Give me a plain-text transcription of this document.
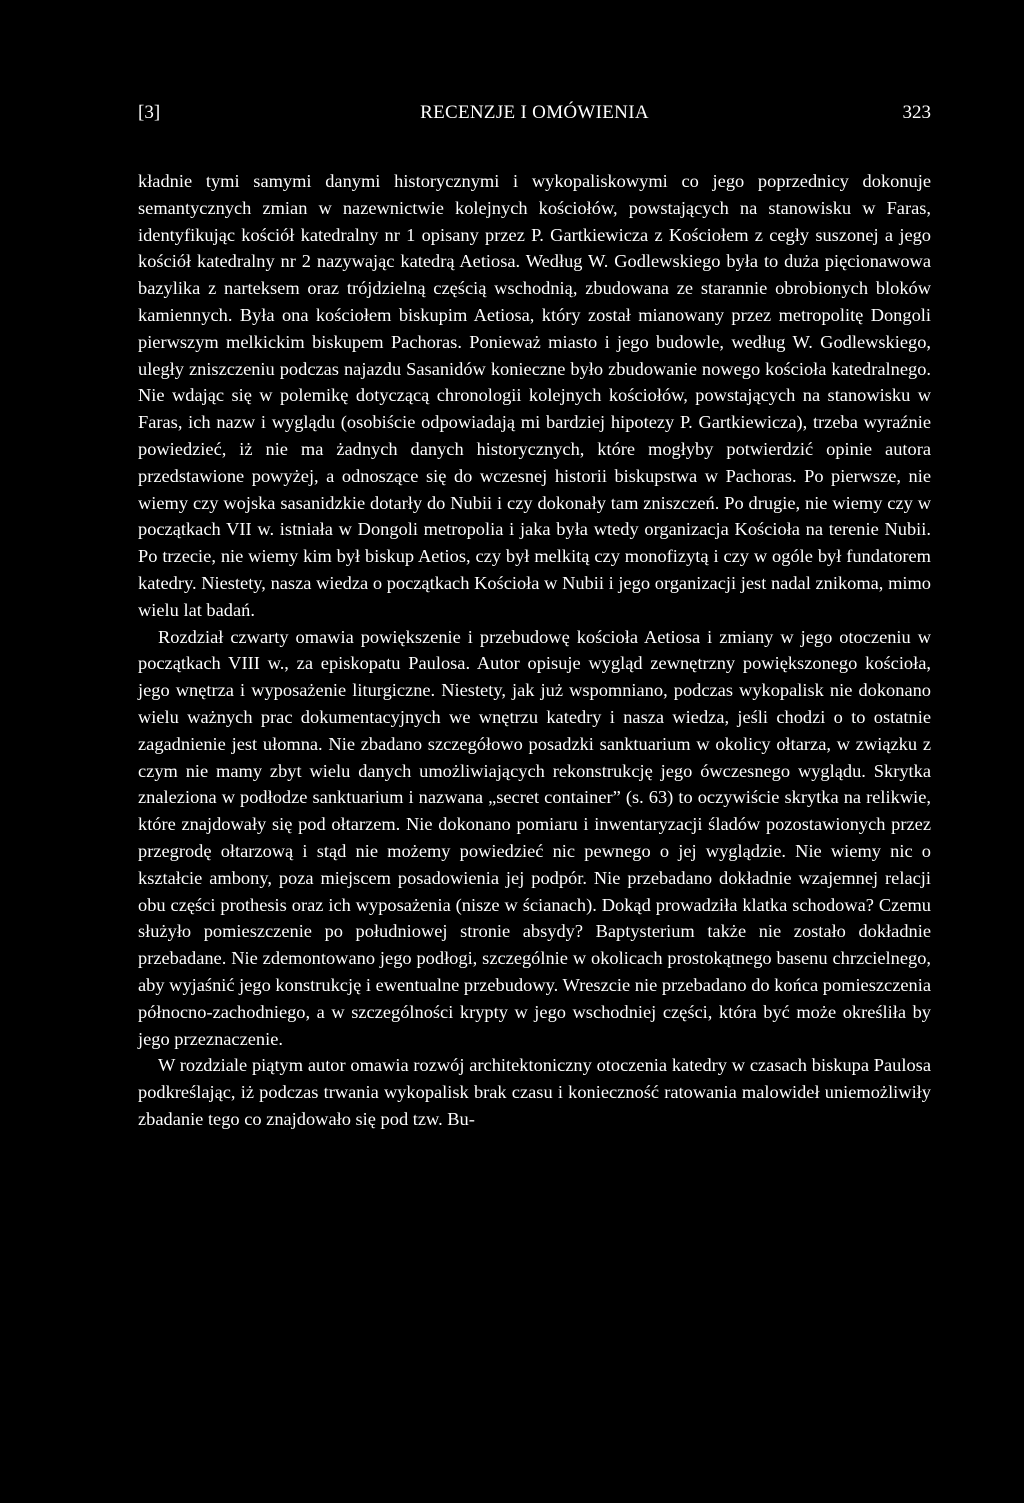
[3]	RECENZJE I OMÓWIENIA	323

kładnie tymi samymi danymi historycznymi i wykopaliskowymi co jego poprzednicy dokonuje semantycznych zmian w nazewnictwie kolejnych kościołów, powstających na stanowisku w Faras, identyfikując kościół katedralny nr 1 opisany przez P. Gartkiewicza z Kościołem z cegły suszonej a jego kościół katedralny nr 2 nazywając katedrą Aetiosa. Według W. Godlewskiego była to duża pięcionawowa bazylika z narteksem oraz trójdzielną częścią wschodnią, zbudowana ze starannie obrobionych bloków kamiennych. Była ona kościołem biskupim Aetiosa, który został mianowany przez metropolitę Dongoli pierwszym melkickim biskupem Pachoras. Ponieważ miasto i jego budowle, według W. Godlewskiego, uległy zniszczeniu podczas najazdu Sasanidów konieczne było zbudowanie nowego kościoła katedralnego. Nie wdając się w polemikę dotyczącą chronologii kolejnych kościołów, powstających na stanowisku w Faras, ich nazw i wyglądu (osobiście odpowiadają mi bardziej hipotezy P. Gartkiewicza), trzeba wyraźnie powiedzieć, iż nie ma żadnych danych historycznych, które mogłyby potwierdzić opinie autora przedstawione powyżej, a odnoszące się do wczesnej historii biskupstwa w Pachoras. Po pierwsze, nie wiemy czy wojska sasanidzkie dotarły do Nubii i czy dokonały tam zniszczeń. Po drugie, nie wiemy czy w początkach VII w. istniała w Dongoli metropolia i jaka była wtedy organizacja Kościoła na terenie Nubii. Po trzecie, nie wiemy kim był biskup Aetios, czy był melkitą czy monofizytą i czy w ogóle był fundatorem katedry. Niestety, nasza wiedza o początkach Kościoła w Nubii i jego organizacji jest nadal znikoma, mimo wielu lat badań.

Rozdział czwarty omawia powiększenie i przebudowę kościoła Aetiosa i zmiany w jego otoczeniu w początkach VIII w., za episkopatu Paulosa. Autor opisuje wygląd zewnętrzny powiększonego kościoła, jego wnętrza i wyposażenie liturgiczne. Niestety, jak już wspomniano, podczas wykopalisk nie dokonano wielu ważnych prac dokumentacyjnych we wnętrzu katedry i nasza wiedza, jeśli chodzi o to ostatnie zagadnienie jest ułomna. Nie zbadano szczegółowo posadzki sanktuarium w okolicy ołtarza, w związku z czym nie mamy zbyt wielu danych umożliwiających rekonstrukcję jego ówczesnego wyglądu. Skrytka znaleziona w podłodze sanktuarium i nazwana „secret container” (s. 63) to oczywiście skrytka na relikwie, które znajdowały się pod ołtarzem. Nie dokonano pomiaru i inwentaryzacji śladów pozostawionych przez przegrodę ołtarzową i stąd nie możemy powiedzieć nic pewnego o jej wyglądzie. Nie wiemy nic o kształcie ambony, poza miejscem posadowienia jej podpór. Nie przebadano dokładnie wzajemnej relacji obu części prothesis oraz ich wyposażenia (nisze w ścianach). Dokąd prowadziła klatka schodowa? Czemu służyło pomieszczenie po południowej stronie absydy? Baptysterium także nie zostało dokładnie przebadane. Nie zdemontowano jego podłogi, szczególnie w okolicach prostokątnego basenu chrzcielnego, aby wyjaśnić jego konstrukcję i ewentualne przebudowy. Wreszcie nie przebadano do końca pomieszczenia północno-zachodniego, a w szczególności krypty w jego wschodniej części, która być może określiła by jego przeznaczenie.

W rozdziale piątym autor omawia rozwój architektoniczny otoczenia katedry w czasach biskupa Paulosa podkreślając, iż podczas trwania wykopalisk brak czasu i konieczność ratowania malowideł uniemożliwiły zbadanie tego co znajdowało się pod tzw. Bu-
